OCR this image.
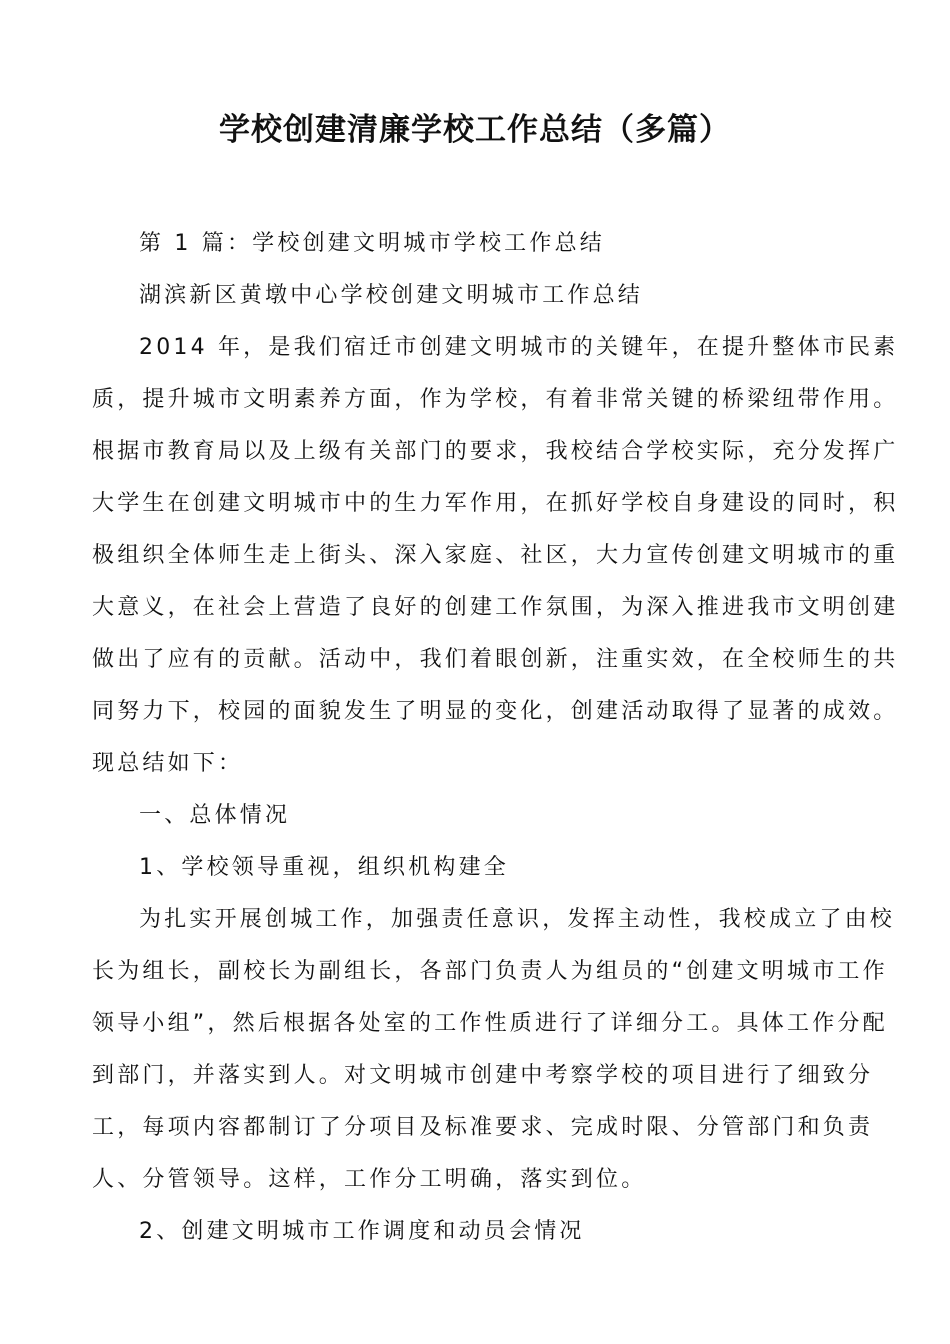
学校创建清廉学校工作总结（多篇）

第 1 篇：学校创建文明城市学校工作总结

湖滨新区黄墩中心学校创建文明城市工作总结

2014 年，是我们宿迁市创建文明城市的关键年，在提升整体市民素

质，提升城市文明素养方面，作为学校，有着非常关键的桥梁纽带作用。

根据市教育局以及上级有关部门的要求，我校结合学校实际，充分发挥广

大学生在创建文明城市中的生力军作用，在抓好学校自身建设的同时，积

极组织全体师生走上街头、深入家庭、社区，大力宣传创建文明城市的重

大意义，在社会上营造了良好的创建工作氛围，为深入推进我市文明创建

做出了应有的贡献。活动中，我们着眼创新，注重实效，在全校师生的共

同努力下，校园的面貌发生了明显的变化，创建活动取得了显著的成效。

现总结如下：

一、总体情况

1、学校领导重视，组织机构建全

为扎实开展创城工作，加强责任意识，发挥主动性，我校成立了由校

长为组长，副校长为副组长，各部门负责人为组员的“创建文明城市工作

领导小组”，然后根据各处室的工作性质进行了详细分工。具体工作分配

到部门，并落实到人。对文明城市创建中考察学校的项目进行了细致分

工，每项内容都制订了分项目及标准要求、完成时限、分管部门和负责

人、分管领导。这样，工作分工明确，落实到位。

2、创建文明城市工作调度和动员会情况
